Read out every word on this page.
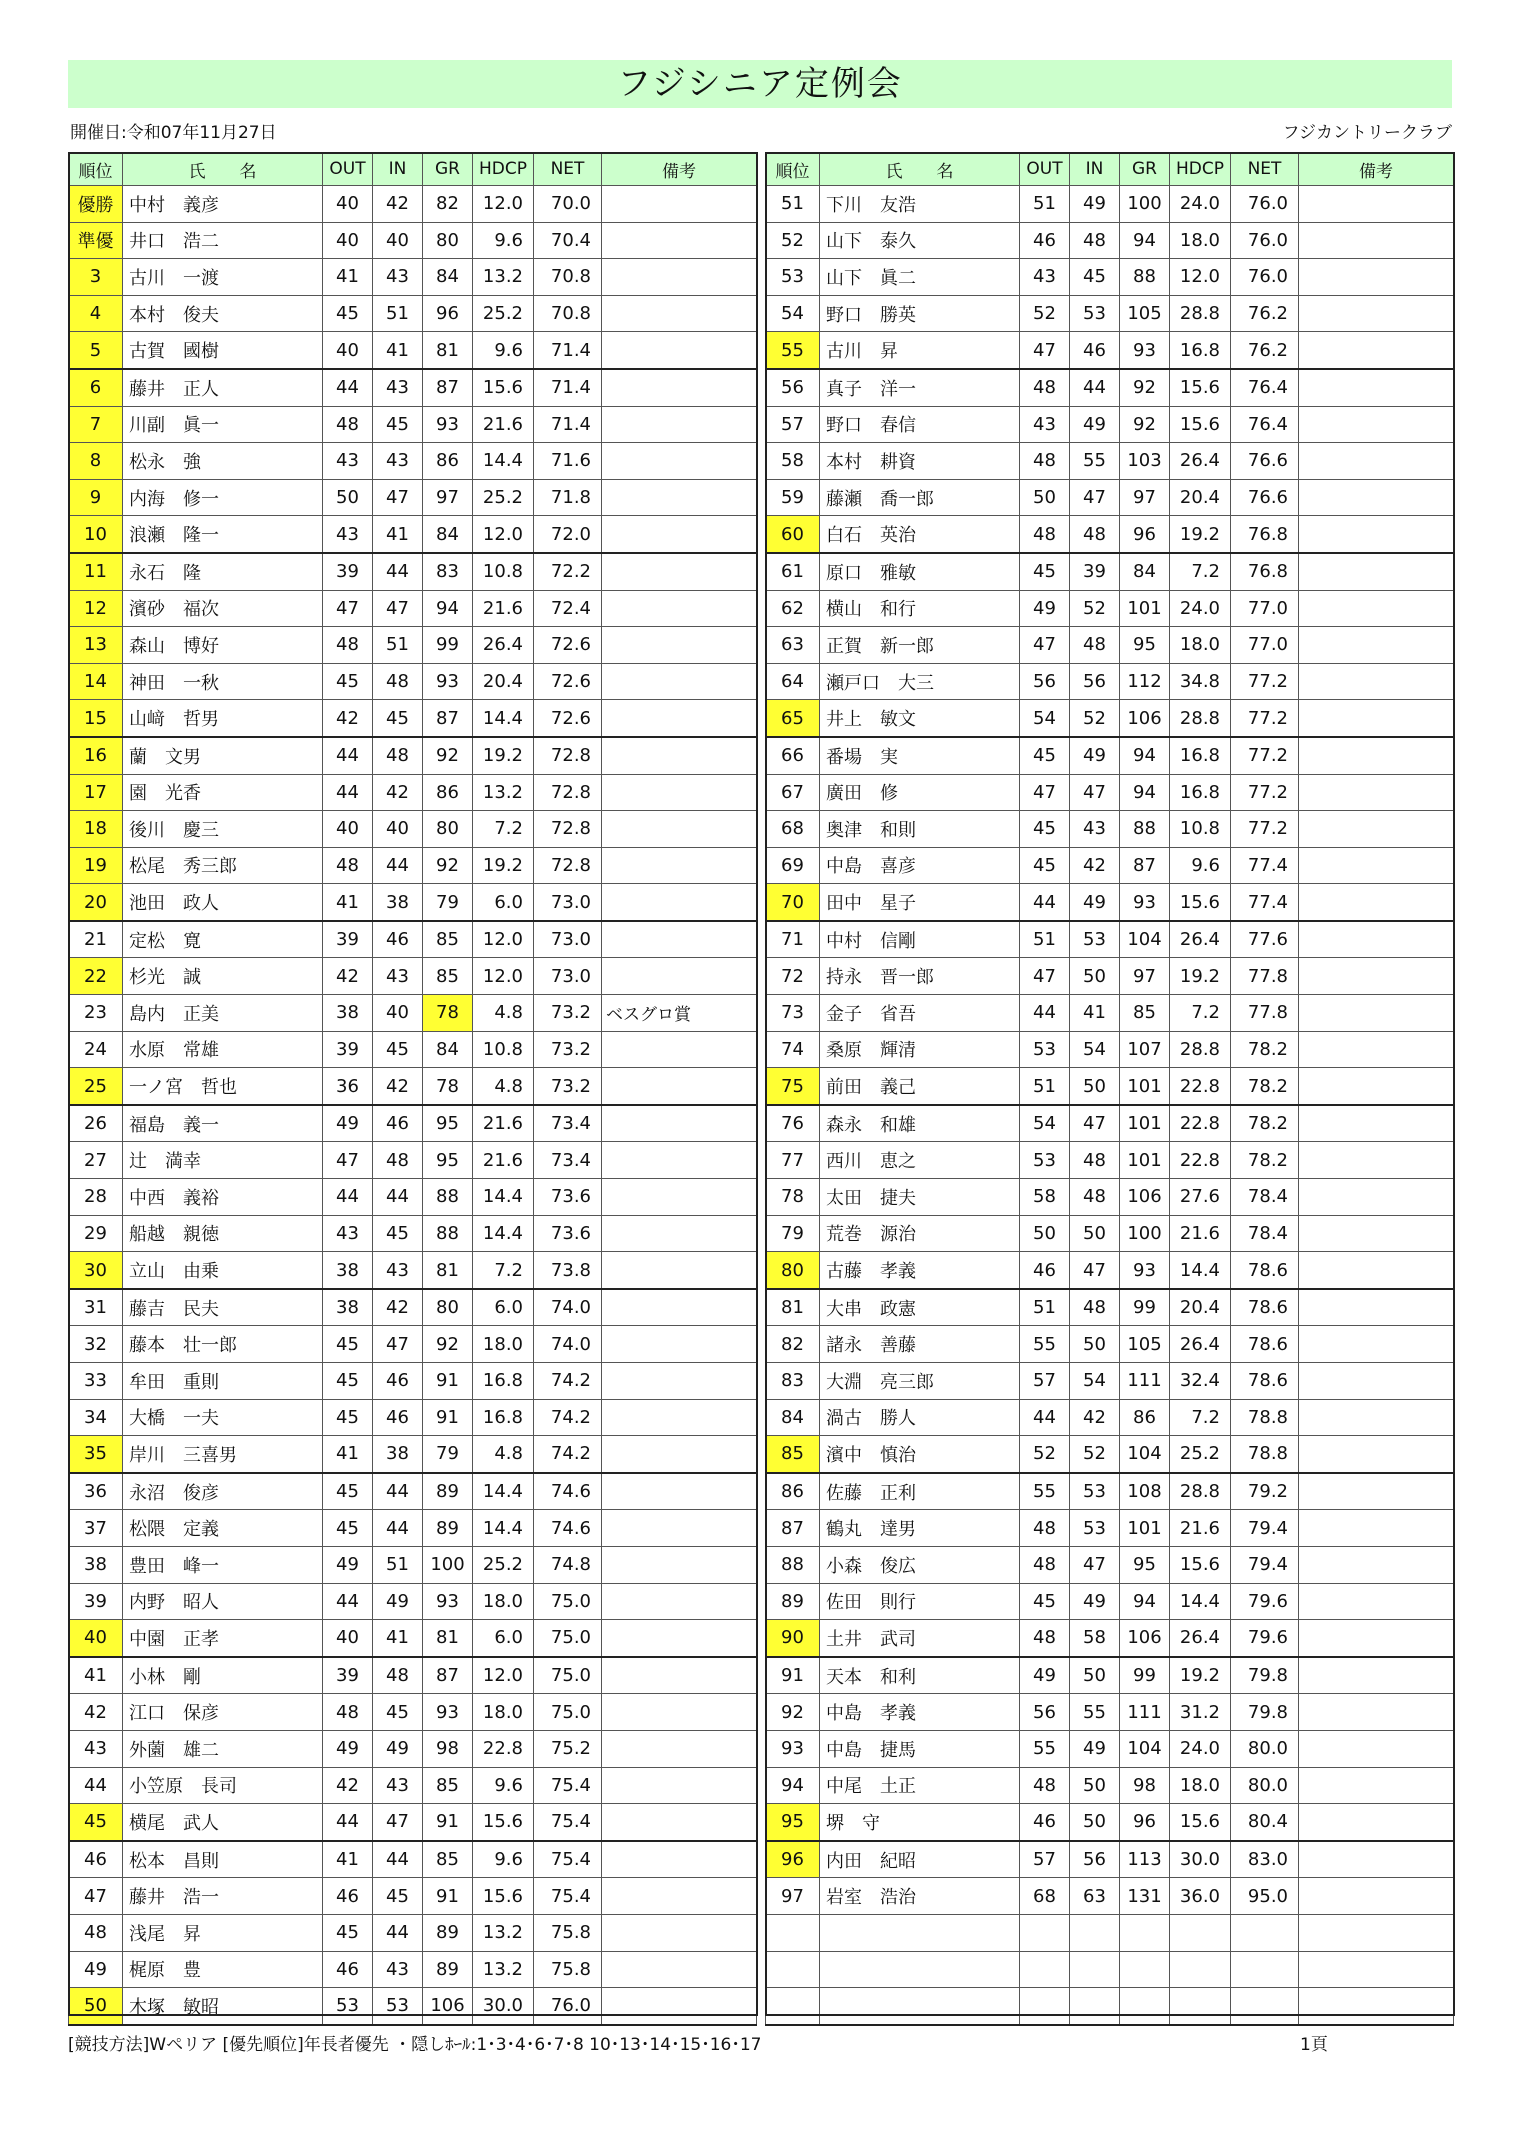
フジシニア定例会
開催日:令和07年11月27日	フジカントリークラブ
順位	氏　　名	OUT	IN	GR	HDCP	NET	備考
優勝	中村　義彦	40	42	82	12.0	70.0	
準優	井口　浩二	40	40	80	9.6	70.4	
3	古川　一渡	41	43	84	13.2	70.8	
4	本村　俊夫	45	51	96	25.2	70.8	
5	古賀　國樹	40	41	81	9.6	71.4	
6	藤井　正人	44	43	87	15.6	71.4	
7	川副　眞一	48	45	93	21.6	71.4	
8	松永　強	43	43	86	14.4	71.6	
9	内海　修一	50	47	97	25.2	71.8	
10	浪瀬　隆一	43	41	84	12.0	72.0	
11	永石　隆	39	44	83	10.8	72.2	
12	濱砂　福次	47	47	94	21.6	72.4	
13	森山　博好	48	51	99	26.4	72.6	
14	神田　一秋	45	48	93	20.4	72.6	
15	山﨑　哲男	42	45	87	14.4	72.6	
16	蘭　文男	44	48	92	19.2	72.8	
17	園　光香	44	42	86	13.2	72.8	
18	後川　慶三	40	40	80	7.2	72.8	
19	松尾　秀三郎	48	44	92	19.2	72.8	
20	池田　政人	41	38	79	6.0	73.0	
21	定松　寛	39	46	85	12.0	73.0	
22	杉光　誠	42	43	85	12.0	73.0	
23	島内　正美	38	40	78	4.8	73.2	ベスグロ賞
24	水原　常雄	39	45	84	10.8	73.2	
25	一ノ宮　哲也	36	42	78	4.8	73.2	
26	福島　義一	49	46	95	21.6	73.4	
27	辻　満幸	47	48	95	21.6	73.4	
28	中西　義裕	44	44	88	14.4	73.6	
29	船越　親徳	43	45	88	14.4	73.6	
30	立山　由乗	38	43	81	7.2	73.8	
31	藤吉　民夫	38	42	80	6.0	74.0	
32	藤本　壮一郎	45	47	92	18.0	74.0	
33	牟田　重則	45	46	91	16.8	74.2	
34	大橋　一夫	45	46	91	16.8	74.2	
35	岸川　三喜男	41	38	79	4.8	74.2	
36	永沼　俊彦	45	44	89	14.4	74.6	
37	松隈　定義	45	44	89	14.4	74.6	
38	豊田　峰一	49	51	100	25.2	74.8	
39	内野　昭人	44	49	93	18.0	75.0	
40	中園　正孝	40	41	81	6.0	75.0	
41	小林　剛	39	48	87	12.0	75.0	
42	江口　保彦	48	45	93	18.0	75.0	
43	外薗　雄二	49	49	98	22.8	75.2	
44	小笠原　長司	42	43	85	9.6	75.4	
45	横尾　武人	44	47	91	15.6	75.4	
46	松本　昌則	41	44	85	9.6	75.4	
47	藤井　浩一	46	45	91	15.6	75.4	
48	浅尾　昇	45	44	89	13.2	75.8	
49	梶原　豊	46	43	89	13.2	75.8	
50	木塚　敏昭	53	53	106	30.0	76.0	
順位	氏　　名	OUT	IN	GR	HDCP	NET	備考
51	下川　友浩	51	49	100	24.0	76.0	
52	山下　泰久	46	48	94	18.0	76.0	
53	山下　眞二	43	45	88	12.0	76.0	
54	野口　勝英	52	53	105	28.8	76.2	
55	古川　昇	47	46	93	16.8	76.2	
56	真子　洋一	48	44	92	15.6	76.4	
57	野口　春信	43	49	92	15.6	76.4	
58	本村　耕資	48	55	103	26.4	76.6	
59	藤瀬　喬一郎	50	47	97	20.4	76.6	
60	白石　英治	48	48	96	19.2	76.8	
61	原口　雅敏	45	39	84	7.2	76.8	
62	横山　和行	49	52	101	24.0	77.0	
63	正賀　新一郎	47	48	95	18.0	77.0	
64	瀬戸口　大三	56	56	112	34.8	77.2	
65	井上　敏文	54	52	106	28.8	77.2	
66	番場　実	45	49	94	16.8	77.2	
67	廣田　修	47	47	94	16.8	77.2	
68	奥津　和則	45	43	88	10.8	77.2	
69	中島　喜彦	45	42	87	9.6	77.4	
70	田中　星子	44	49	93	15.6	77.4	
71	中村　信剛	51	53	104	26.4	77.6	
72	持永　晋一郎	47	50	97	19.2	77.8	
73	金子　省吾	44	41	85	7.2	77.8	
74	桑原　輝清	53	54	107	28.8	78.2	
75	前田　義己	51	50	101	22.8	78.2	
76	森永　和雄	54	47	101	22.8	78.2	
77	西川　恵之	53	48	101	22.8	78.2	
78	太田　捷夫	58	48	106	27.6	78.4	
79	荒巻　源治	50	50	100	21.6	78.4	
80	古藤　孝義	46	47	93	14.4	78.6	
81	大串　政憲	51	48	99	20.4	78.6	
82	諸永　善藤	55	50	105	26.4	78.6	
83	大淵　亮三郎	57	54	111	32.4	78.6	
84	渦古　勝人	44	42	86	7.2	78.8	
85	濱中　慎治	52	52	104	25.2	78.8	
86	佐藤　正利	55	53	108	28.8	79.2	
87	鶴丸　達男	48	53	101	21.6	79.4	
88	小森　俊広	48	47	95	15.6	79.4	
89	佐田　則行	45	49	94	14.4	79.6	
90	土井　武司	48	58	106	26.4	79.6	
91	天本　和利	49	50	99	19.2	79.8	
92	中島　孝義	56	55	111	31.2	79.8	
93	中島　捷馬	55	49	104	24.0	80.0	
94	中尾　土正	48	50	98	18.0	80.0	
95	堺　守	46	50	96	15.6	80.4	
96	内田　紀昭	57	56	113	30.0	83.0	
97	岩室　浩治	68	63	131	36.0	95.0	

[競技方法]Wペリア [優先順位]年長者優先 ・隠しﾎｰﾙ:1･3･4･6･7･8 10･13･14･15･16･17	1頁
